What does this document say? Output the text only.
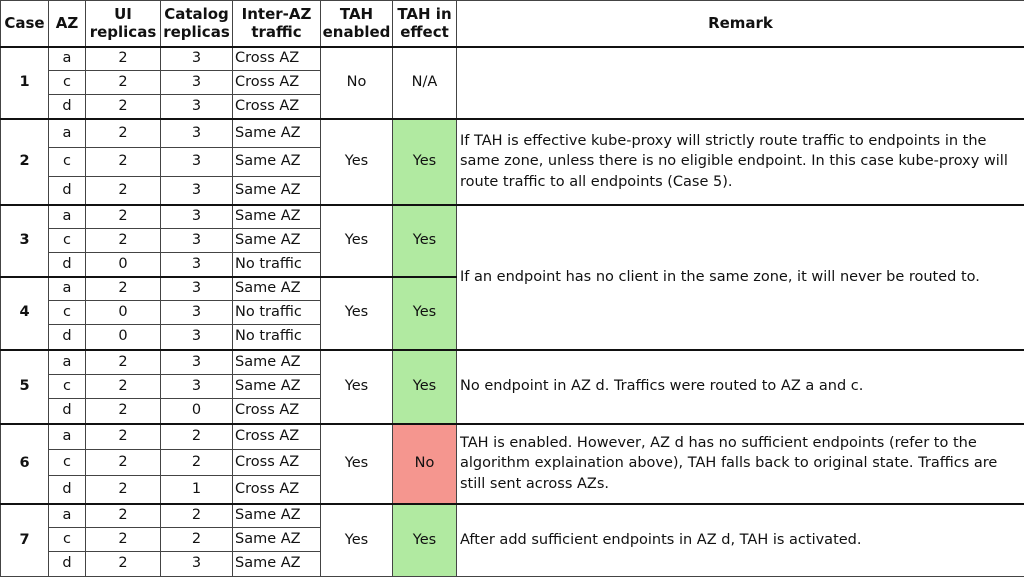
Case	AZ	UI replicas	Catalog replicas	Inter-AZ traffic	TAH enabled	TAH in effect	Remark
1	a	2	3	Cross AZ	No	N/A	
	c	2	3	Cross AZ			
	d	2	3	Cross AZ			
2	a	2	3	Same AZ	Yes	Yes	If TAH is effective kube-proxy will strictly route traffic to endpoints in the same zone, unless there is no eligible endpoint. In this case kube-proxy will route traffic to all endpoints (Case 5).
	c	2	3	Same AZ			
	d	2	3	Same AZ			
3	a	2	3	Same AZ	Yes	Yes	If an endpoint has no client in the same zone, it will never be routed to.
	c	2	3	Same AZ			
	d	0	3	No traffic			
4	a	2	3	Same AZ	Yes	Yes	
	c	0	3	No traffic			
	d	0	3	No traffic			
5	a	2	3	Same AZ	Yes	Yes	No endpoint in AZ d. Traffics were routed to AZ a and c.
	c	2	3	Same AZ			
	d	2	0	Cross AZ			
6	a	2	2	Cross AZ	Yes	No	TAH is enabled. However, AZ d has no sufficient endpoints (refer to the algorithm explaination above), TAH falls back to original state. Traffics are still sent across AZs.
	c	2	2	Cross AZ			
	d	2	1	Cross AZ			
7	a	2	2	Same AZ	Yes	Yes	After add sufficient endpoints in AZ d, TAH is activated.
	c	2	2	Same AZ			
	d	2	3	Same AZ			
